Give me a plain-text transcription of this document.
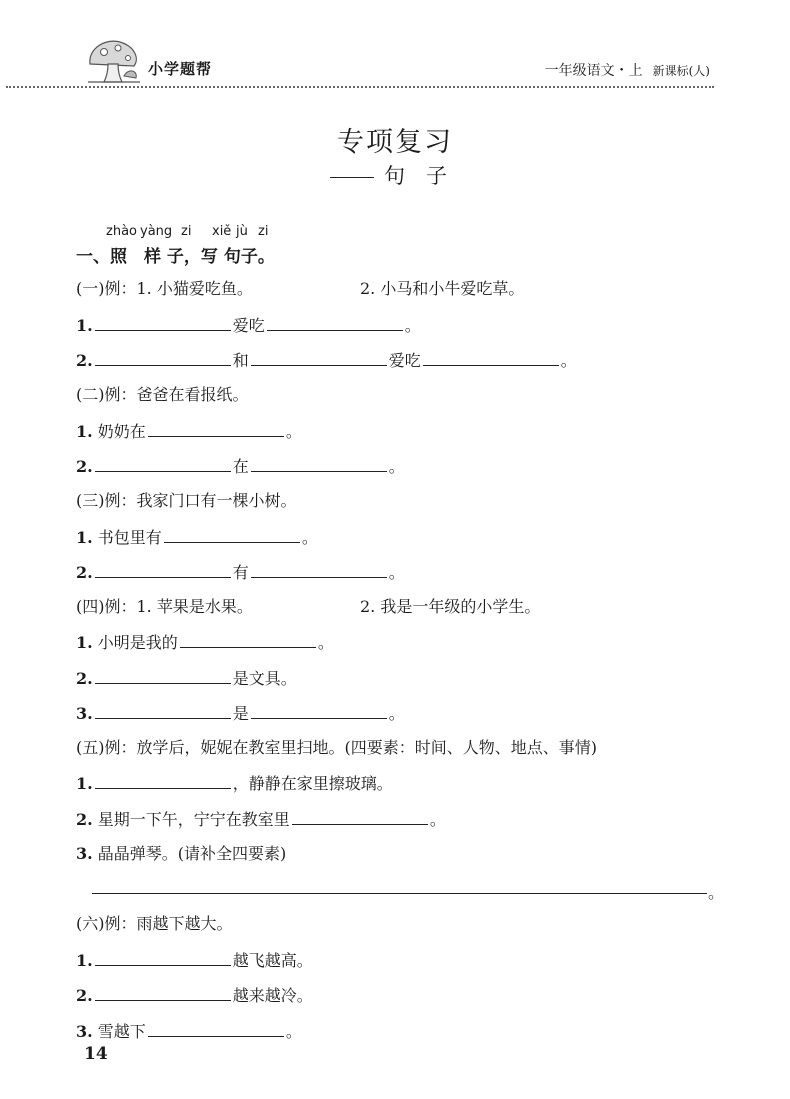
小学题帮	一年级语文・上 新课标(人)
专项复习
句　子
zhào yàng zi xiě jù zi
一、照　样 子，写 句子。
(一)例：1. 小猫爱吃鱼。	2. 小马和小牛爱吃草。
1.	爱吃	。
2.	和	爱吃	。
(二)例：爸爸在看报纸。
1. 奶奶在	。
2.	在	。
(三)例：我家门口有一棵小树。
1. 书包里有	。
2.	有	。
(四)例：1. 苹果是水果。	2. 我是一年级的小学生。
1. 小明是我的	。
2.	是文具。
3.	是	。
(五)例：放学后，妮妮在教室里扫地。(四要素：时间、人物、地点、事情)
1.	，静静在家里擦玻璃。
2. 星期一下午，宁宁在教室里	。
3. 晶晶弹琴。(请补全四要素)
。
(六)例：雨越下越大。
1.	越飞越高。
2.	越来越冷。
3. 雪越下	。
14
